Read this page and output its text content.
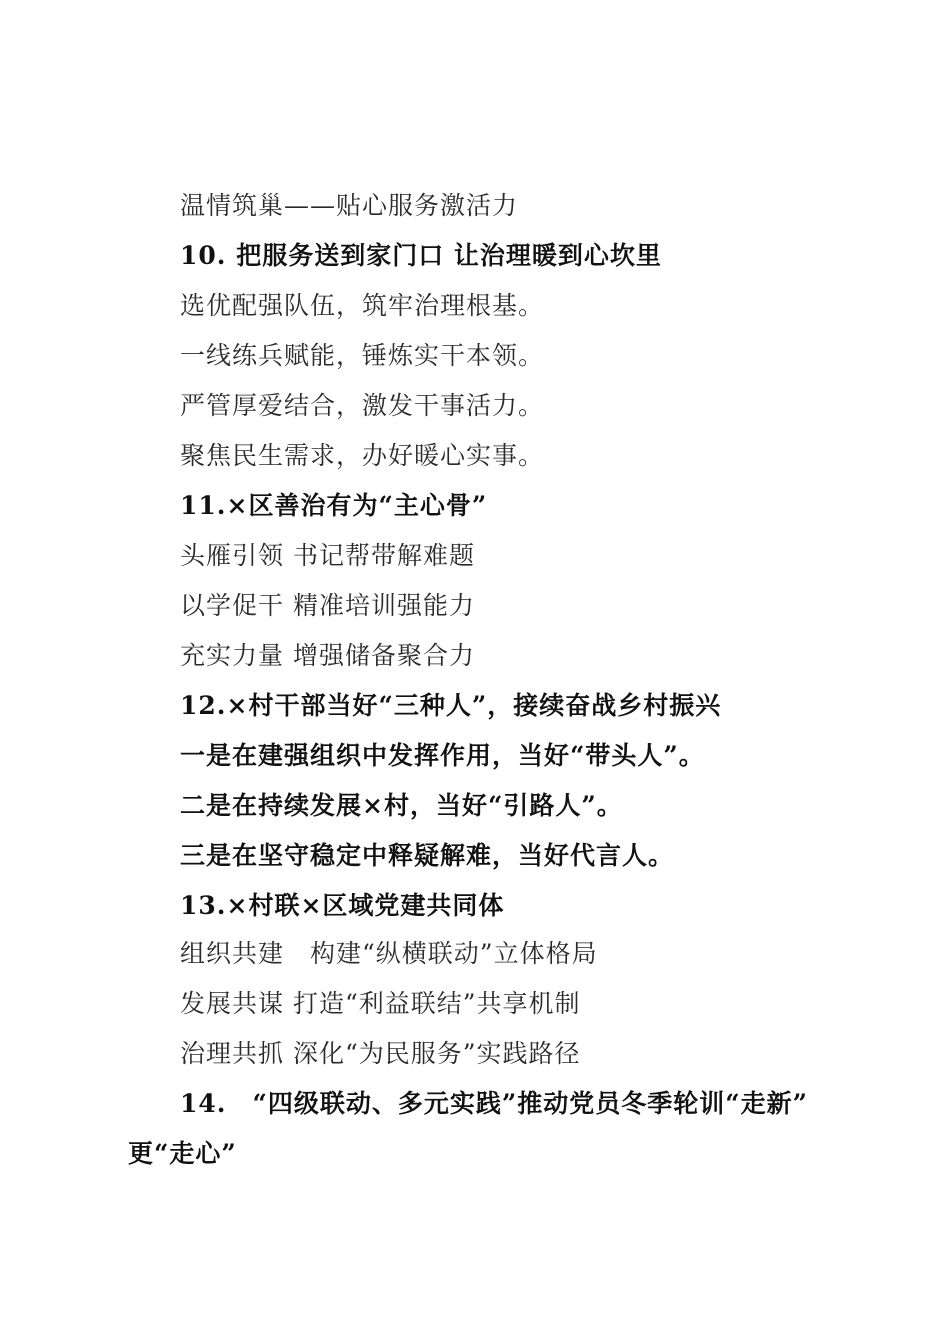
温情筑巢——贴心服务激活力
10. 把服务送到家门口 让治理暖到心坎里
选优配强队伍，筑牢治理根基。
一线练兵赋能，锤炼实干本领。
严管厚爱结合，激发干事活力。
聚焦民生需求，办好暖心实事。
11.×区善治有为“主心骨”
头雁引领 书记帮带解难题
以学促干 精准培训强能力
充实力量 增强储备聚合力
12.×村干部当好“三种人”，接续奋战乡村振兴
一是在建强组织中发挥作用，当好“带头人”。
二是在持续发展×村，当好“引路人”。
三是在坚守稳定中释疑解难，当好代言人。
13.×村联×区域党建共同体
组织共建　构建“纵横联动”立体格局
发展共谋 打造“利益联结”共享机制
治理共抓 深化“为民服务”实践路径
14.　“四级联动、多元实践”推动党员冬季轮训“走新”
更“走心”
